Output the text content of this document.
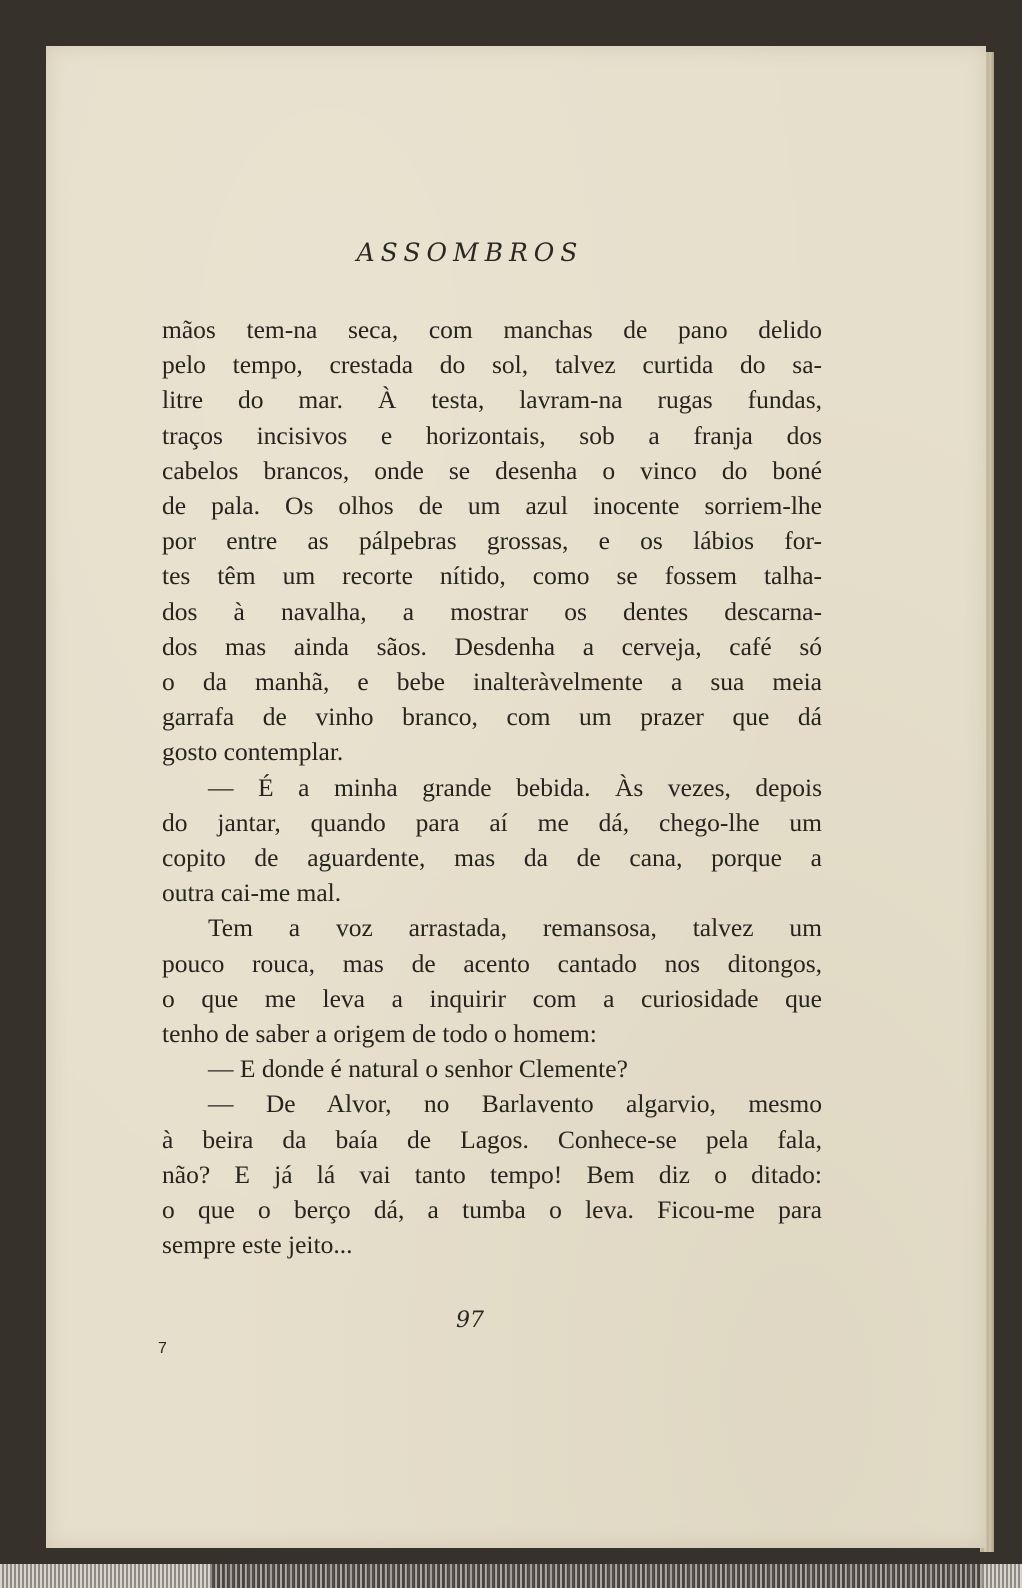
ASSOMBROS
mãos tem-na seca, com manchas de pano delido
pelo tempo, crestada do sol, talvez curtida do sa-
litre do mar. À testa, lavram-na rugas fundas,
traços incisivos e horizontais, sob a franja dos
cabelos brancos, onde se desenha o vinco do boné
de pala. Os olhos de um azul inocente sorriem-lhe
por entre as pálpebras grossas, e os lábios for-
tes têm um recorte nítido, como se fossem talha-
dos à navalha, a mostrar os dentes descarna-
dos mas ainda sãos. Desdenha a cerveja, café só
o da manhã, e bebe inalteràvelmente a sua meia
garrafa de vinho branco, com um prazer que dá
gosto contemplar.
— É a minha grande bebida. Às vezes, depois
do jantar, quando para aí me dá, chego-lhe um
copito de aguardente, mas da de cana, porque a
outra cai-me mal.
Tem a voz arrastada, remansosa, talvez um
pouco rouca, mas de acento cantado nos ditongos,
o que me leva a inquirir com a curiosidade que
tenho de saber a origem de todo o homem:
— E donde é natural o senhor Clemente?
— De Alvor, no Barlavento algarvio, mesmo
à beira da baía de Lagos. Conhece-se pela fala,
não? E já lá vai tanto tempo! Bem diz o ditado:
o que o berço dá, a tumba o leva. Ficou-me para
sempre este jeito...
97
7
